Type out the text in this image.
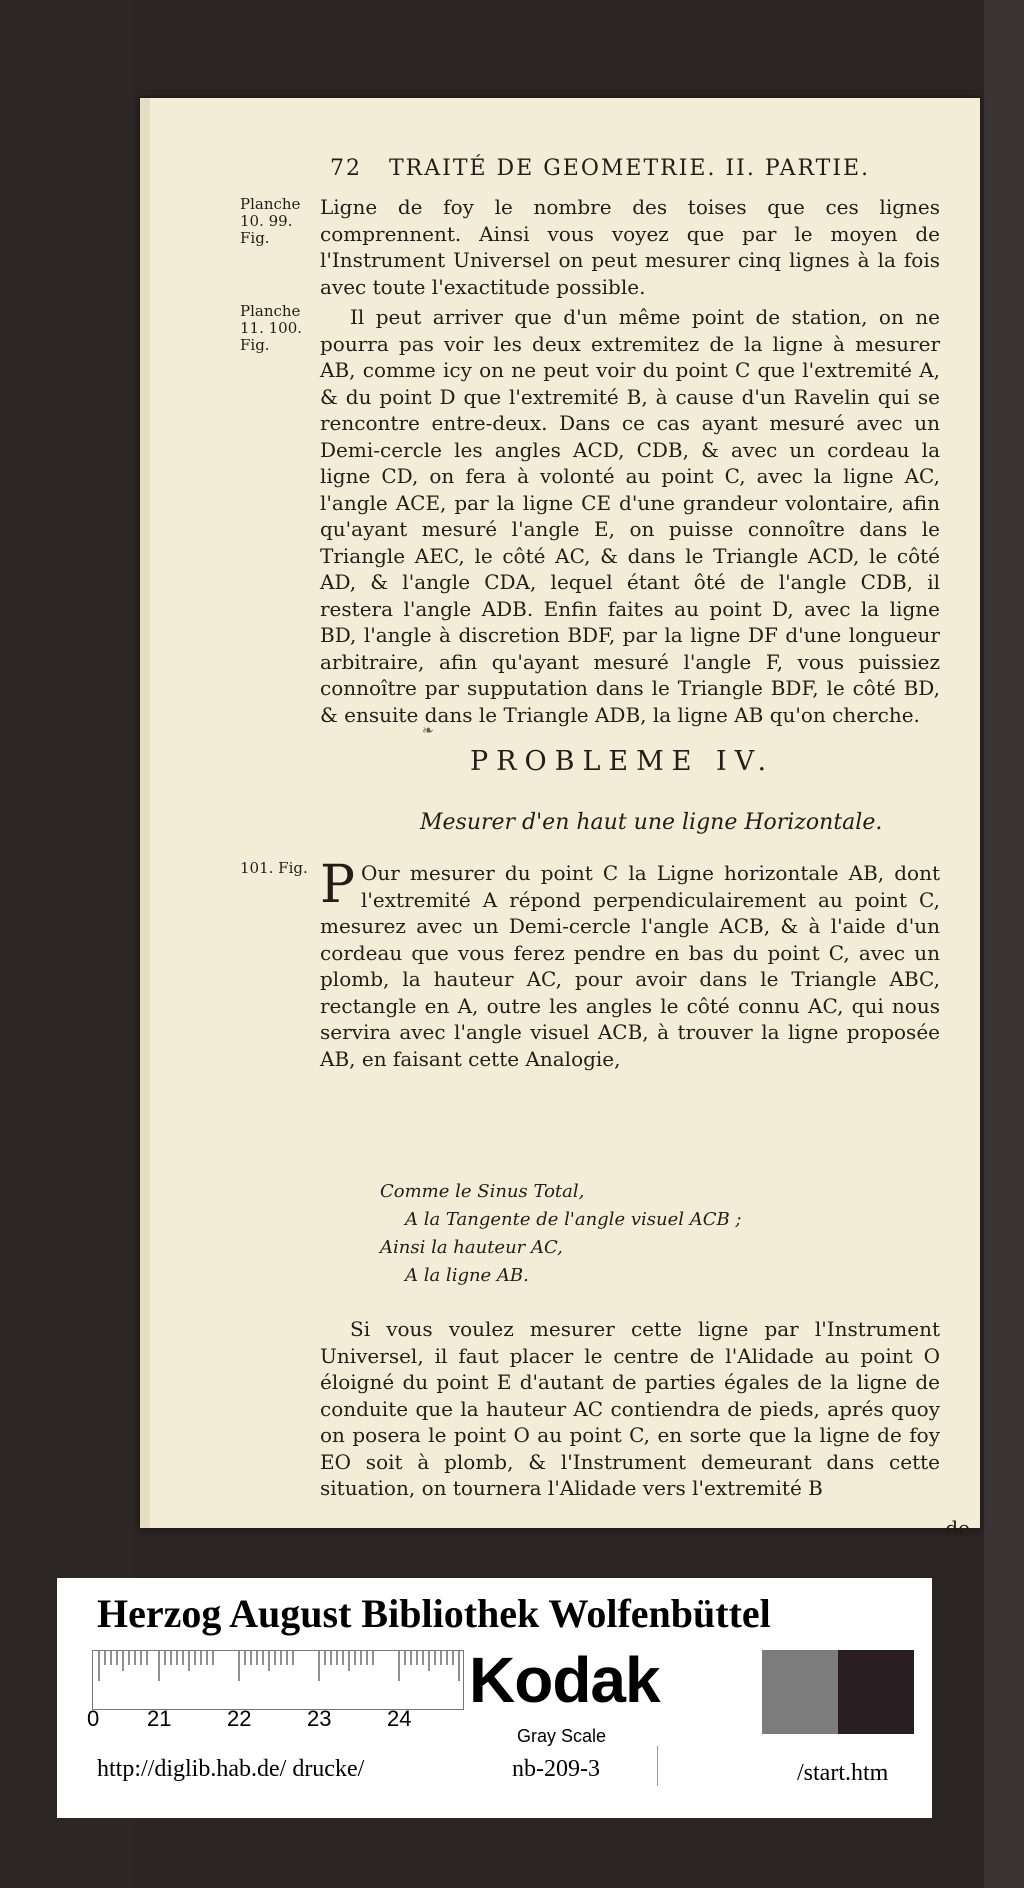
72 TRAITÉ DE GEOMETRIE. II. PARTIE.
Planche 10. 99. Fig.
Planche 11. 100. Fig.
101. Fig.

Ligne de foy le nombre des toises que ces lignes comprennent. Ainsi vous voyez que par le moyen de l'Instrument Universel on peut mesurer cinq lignes à la fois avec toute l'exactitude possible.

Il peut arriver que d'un même point de station, on ne pourra pas voir les deux extremitez de la ligne à mesurer AB, comme icy on ne peut voir du point C que l'extremité A, & du point D que l'extremité B, à cause d'un Ravelin qui se rencontre entre-deux. Dans ce cas ayant mesuré avec un Demi-cercle les angles ACD, CDB, & avec un cordeau la ligne CD, on fera à volonté au point C, avec la ligne AC, l'angle ACE, par la ligne CE d'une grandeur volontaire, afin qu'ayant mesuré l'angle E, on puisse connoître dans le Triangle AEC, le côté AC, & dans le Triangle ACD, le côté AD, & l'angle CDA, lequel étant ôté de l'angle CDB, il restera l'angle ADB. Enfin faites au point D, avec la ligne BD, l'angle à discretion BDF, par la ligne DF d'une longueur arbitraire, afin qu'ayant mesuré l'angle F, vous puissiez connoître par supputation dans le Triangle BDF, le côté BD, & ensuite dans le Triangle ADB, la ligne AB qu'on cherche.

❧
PROBLEME IV.
Mesurer d'en haut une ligne Horizontale.
P Our mesurer du point C la Ligne horizontale AB, dont l'extremité A répond perpendiculairement au point C, mesurez avec un Demi-cercle l'angle ACB, & à l'aide d'un cordeau que vous ferez pendre en bas du point C, avec un plomb, la hauteur AC, pour avoir dans le Triangle ABC, rectangle en A, outre les angles le côté connu AC, qui nous servira avec l'angle visuel ACB, à trouver la ligne proposée AB, en faisant cette Analogie,
Comme le Sinus Total,
A la Tangente de l'angle visuel ACB ;
Ainsi la hauteur AC,
A la ligne AB.

Si vous voulez mesurer cette ligne par l'Instrument Universel, il faut placer le centre de l'Alidade au point O éloigné du point E d'autant de parties égales de la ligne de conduite que la hauteur AC contiendra de pieds, aprés quoy on posera le point O au point C, en sorte que la ligne de foy EO soit à plomb, & l'Instrument demeurant dans cette situation, on tournera l'Alidade vers l'extremité B

de
Herzog August Bibliothek Wolfenbüttel
0 21	22	23	24
Kodak
Gray Scale
http://diglib.hab.de/ drucke/	nb-209-3	/start.htm
